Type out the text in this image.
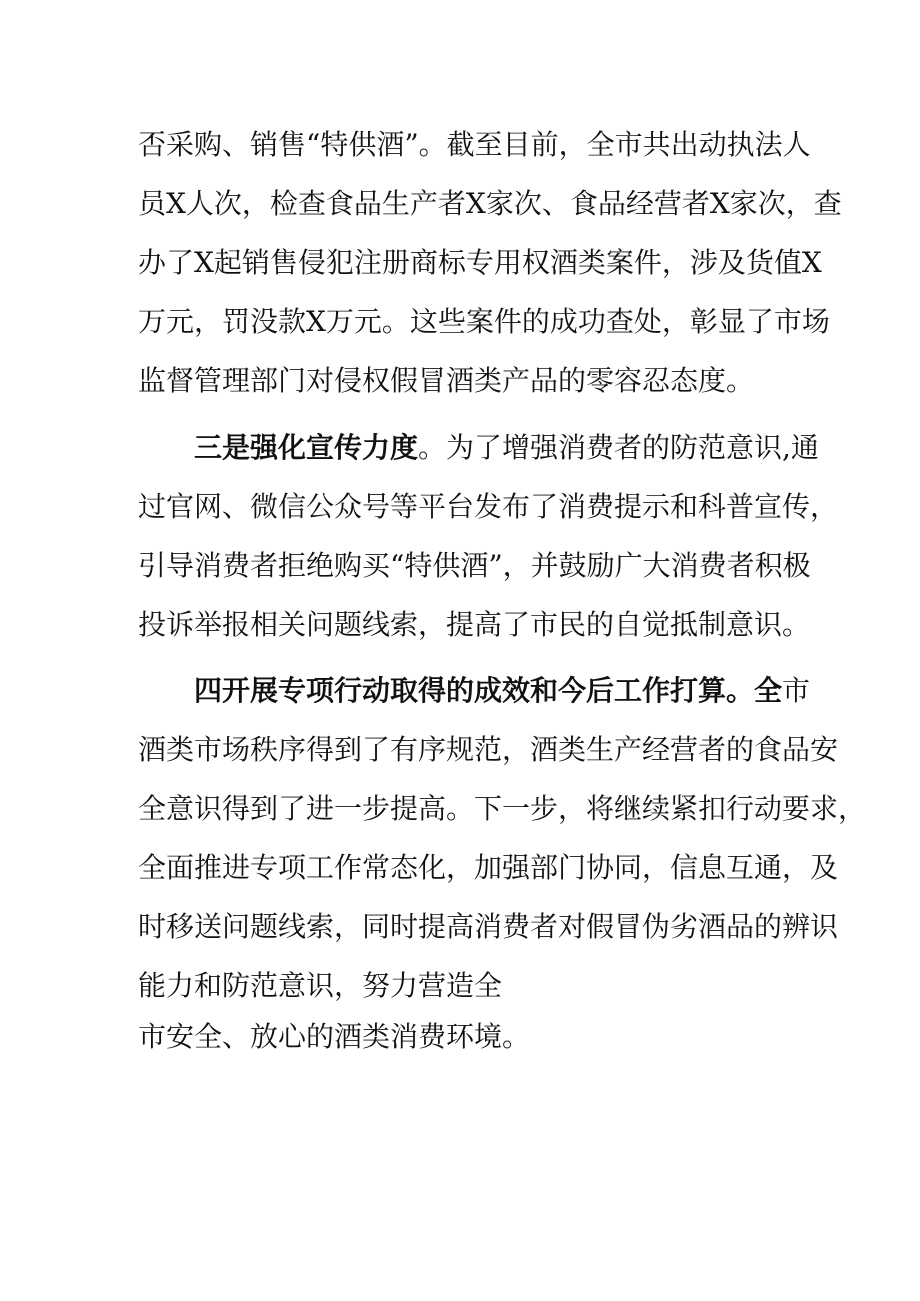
否采购、销售“特供酒”。截至目前，全市共出动执法人
员X人次，检查食品生产者X家次、食品经营者X家次，查
办了X起销售侵犯注册商标专用权酒类案件，涉及货值X
万元，罚没款X万元。这些案件的成功查处，彰显了市场
监督管理部门对侵权假冒酒类产品的零容忍态度。
三是强化宣传力度。为了增强消费者的防范意识,通
过官网、微信公众号等平台发布了消费提示和科普宣传，
引导消费者拒绝购买“特供酒”，并鼓励广大消费者积极
投诉举报相关问题线索，提高了市民的自觉抵制意识。
四开展专项行动取得的成效和今后工作打算。全市
酒类市场秩序得到了有序规范，酒类生产经营者的食品安
全意识得到了进一步提高。下一步，将继续紧扣行动要求，
全面推进专项工作常态化，加强部门协同，信息互通，及
时移送问题线索，同时提高消费者对假冒伪劣酒品的辨识
能力和防范意识，努力营造全
市安全、放心的酒类消费环境。
